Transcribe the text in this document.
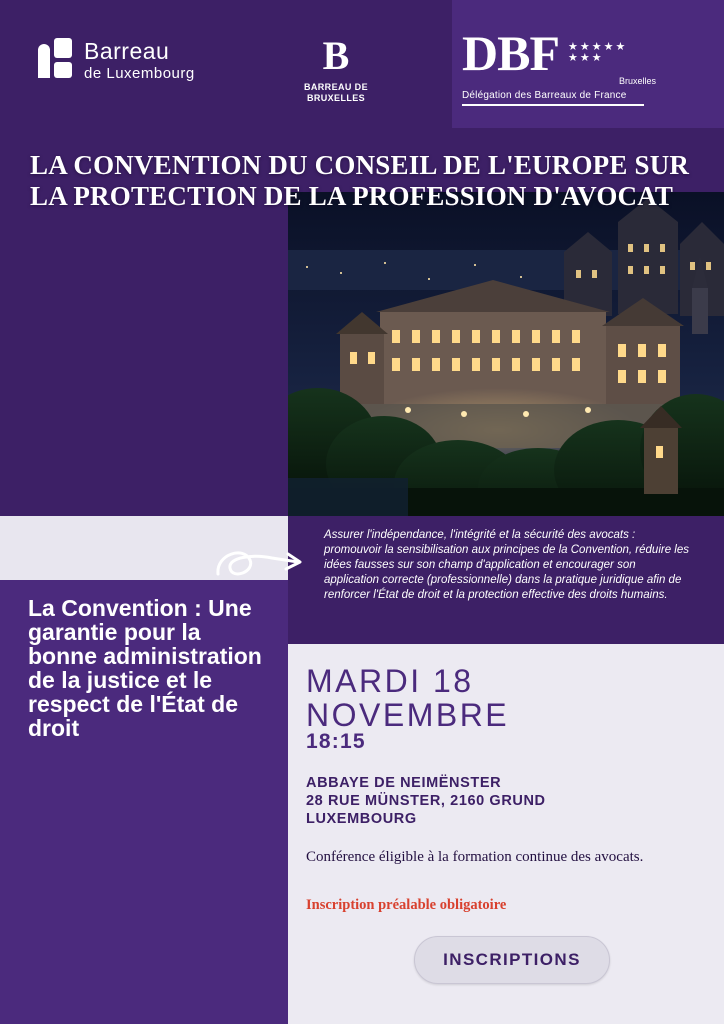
Barreau
de Luxembourg	B
BARREAU DE
BRUXELLES
DBF ★ ★ ★ ★ ★
★ ★ ★
Bruxelles
Délégation des Barreaux de France
LA CONVENTION DU CONSEIL DE L'EUROPE SUR LA PROTECTION DE LA PROFESSION D'AVOCAT
Assurer l'indépendance, l'intégrité et la sécurité des avocats : promouvoir la sensibilisation aux principes de la Convention, réduire les idées fausses sur son champ d'application et encourager son application correcte (professionnelle) dans la pratique juridique afin de renforcer l'État de droit et la protection effective des droits humains.
La Convention : Une garantie pour la bonne administration de la justice et le respect de l'État de droit
MARDI 18 NOVEMBRE
18:15
ABBAYE DE NEIMËNSTER
28 RUE MÜNSTER, 2160 GRUND
LUXEMBOURG
Conférence éligible à la formation continue des avocats.
Inscription préalable obligatoire
INSCRIPTIONS
